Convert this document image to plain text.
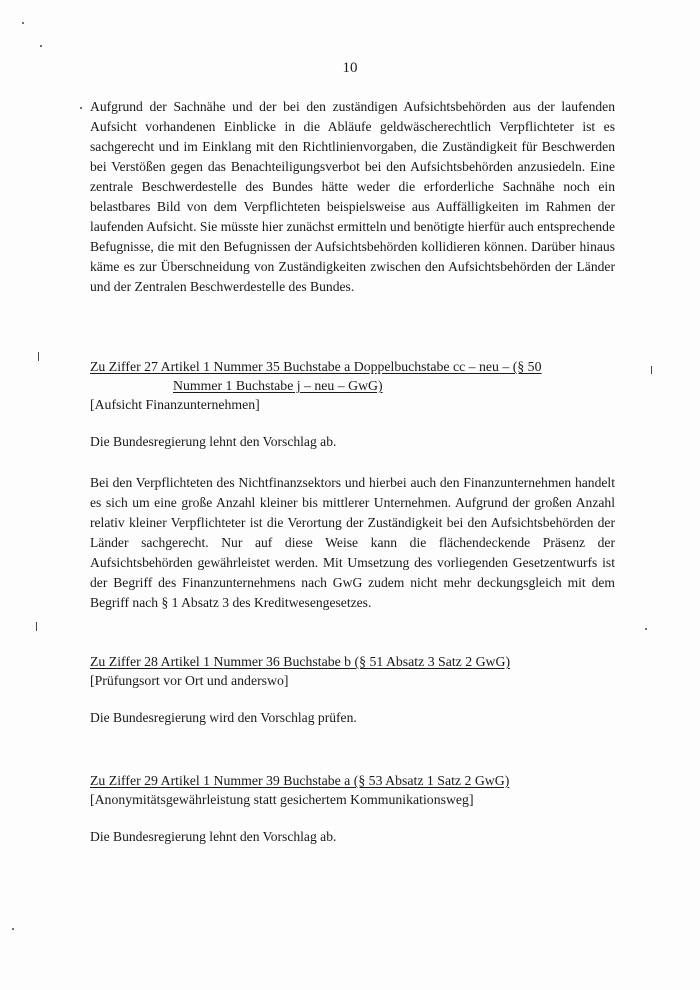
10
Aufgrund der Sachnähe und der bei den zuständigen Aufsichtsbehörden aus der laufenden Aufsicht vorhandenen Einblicke in die Abläufe geldwäscherechtlich Verpflichteter ist es sachgerecht und im Einklang mit den Richtlinienvorgaben, die Zuständigkeit für Beschwerden bei Verstößen gegen das Benachteiligungsverbot bei den Aufsichtsbehörden anzusiedeln. Eine zentrale Beschwerdestelle des Bundes hätte weder die erforderliche Sachnähe noch ein belastbares Bild von dem Verpflichteten beispielsweise aus Auffälligkeiten im Rahmen der laufenden Aufsicht. Sie müsste hier zunächst ermitteln und benötigte hierfür auch entsprechende Befugnisse, die mit den Befugnissen der Aufsichtsbehörden kollidieren können. Darüber hinaus käme es zur Überschneidung von Zuständigkeiten zwischen den Aufsichtsbehörden der Länder und der Zentralen Beschwerdestelle des Bundes.
Zu Ziffer 27 Artikel 1 Nummer 35 Buchstabe a Doppelbuchstabe cc – neu – (§ 50
Nummer 1 Buchstabe j – neu – GwG)
[Aufsicht Finanzunternehmen]
Die Bundesregierung lehnt den Vorschlag ab.
Bei den Verpflichteten des Nichtfinanzsektors und hierbei auch den Finanzunternehmen handelt es sich um eine große Anzahl kleiner bis mittlerer Unternehmen. Aufgrund der großen Anzahl relativ kleiner Verpflichteter ist die Verortung der Zuständigkeit bei den Aufsichtsbehörden der Länder sachgerecht. Nur auf diese Weise kann die flächendeckende Präsenz der Aufsichtsbehörden gewährleistet werden. Mit Umsetzung des vorliegenden Gesetzentwurfs ist der Begriff des Finanzunternehmens nach GwG zudem nicht mehr deckungsgleich mit dem Begriff nach § 1 Absatz 3 des Kreditwesengesetzes.
Zu Ziffer 28 Artikel 1 Nummer 36 Buchstabe b (§ 51 Absatz 3 Satz 2 GwG)
[Prüfungsort vor Ort und anderswo]
Die Bundesregierung wird den Vorschlag prüfen.
Zu Ziffer 29 Artikel 1 Nummer 39 Buchstabe a (§ 53 Absatz 1 Satz 2 GwG)
[Anonymitätsgewährleistung statt gesichertem Kommunikationsweg]
Die Bundesregierung lehnt den Vorschlag ab.
